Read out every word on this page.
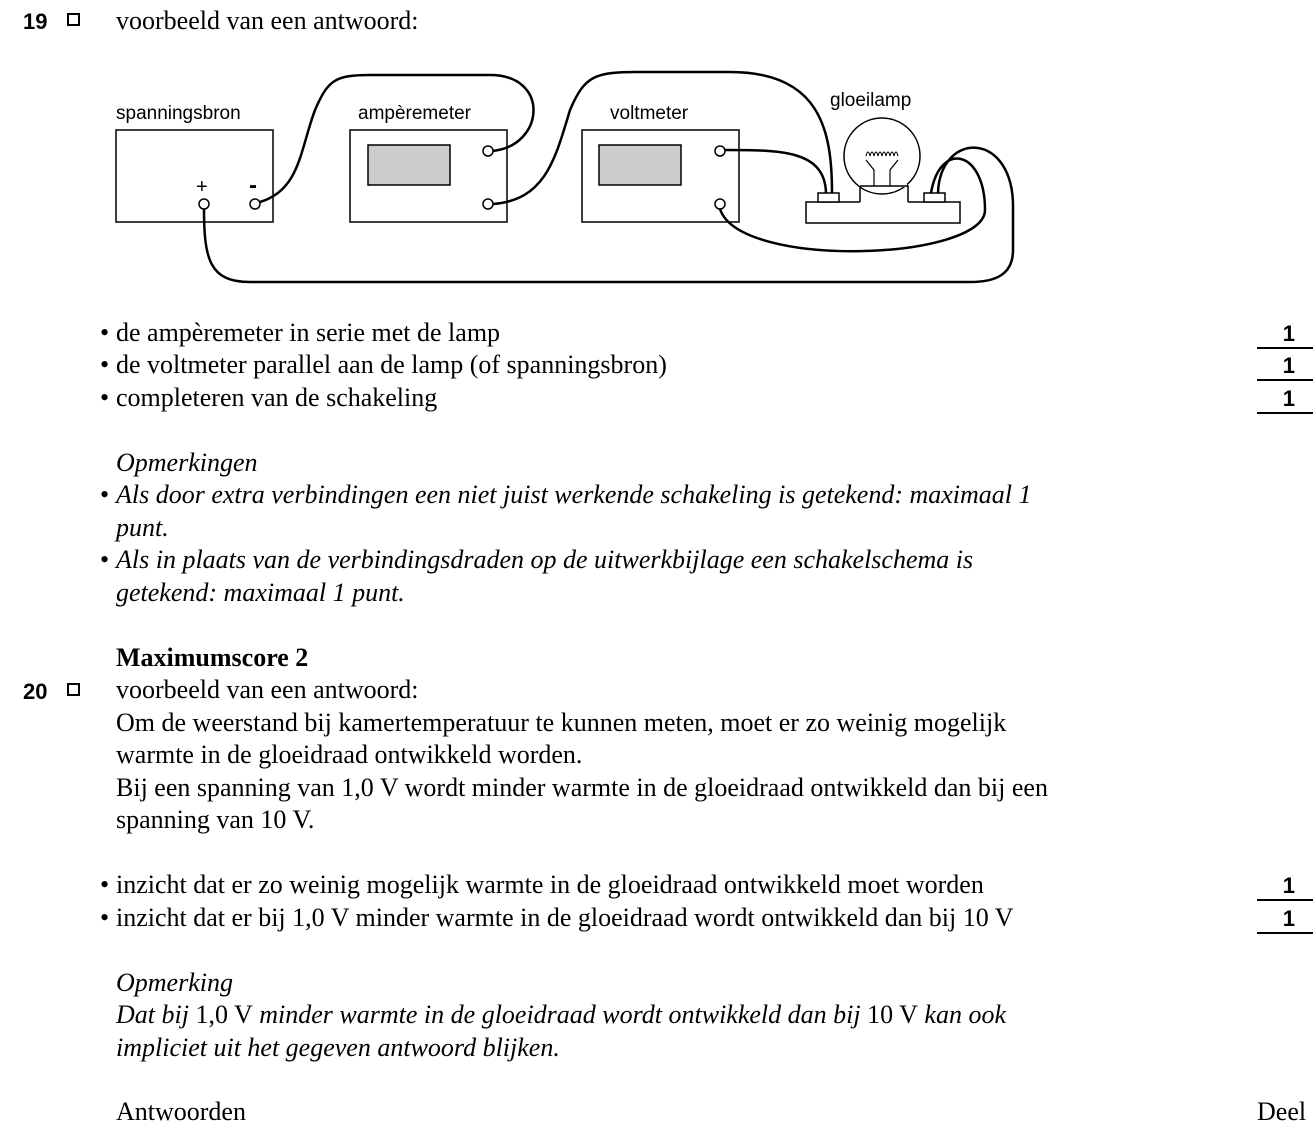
19	voorbeeld van een antwoord:
spanningsbron	ampèremeter	voltmeter
gloeilamp
+ -
• de ampèremeter in serie met de lamp	1
• de voltmeter parallel aan de lamp (of spanningsbron)	1
• completeren van de schakeling	1
Opmerkingen
• Als door extra verbindingen een niet juist werkende schakeling is getekend: maximaal 1
punt.
• Als in plaats van de verbindingsdraden op de uitwerkbijlage een schakelschema is
getekend: maximaal 1 punt.
Maximumscore 2
20	voorbeeld van een antwoord:
Om de weerstand bij kamertemperatuur te kunnen meten, moet er zo weinig mogelijk
warmte in de gloeidraad ontwikkeld worden.
Bij een spanning van 1,0 V wordt minder warmte in de gloeidraad ontwikkeld dan bij een
spanning van 10 V.
• inzicht dat er zo weinig mogelijk warmte in de gloeidraad ontwikkeld moet worden	1
• inzicht dat er bij 1,0 V minder warmte in de gloeidraad wordt ontwikkeld dan bij 10 V	1
Opmerking
Dat bij 1,0 V minder warmte in de gloeidraad wordt ontwikkeld dan bij 10 V kan ook
impliciet uit het gegeven antwoord blijken.
Antwoorden	Deel
